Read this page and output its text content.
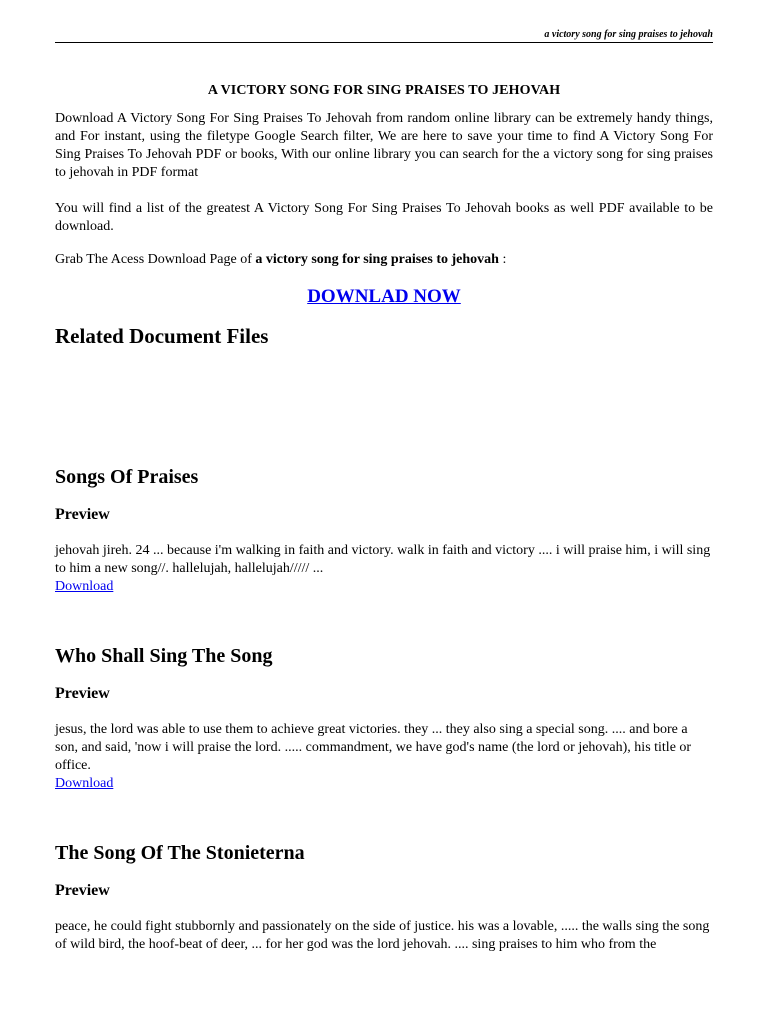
a victory song for sing praises to jehovah
A VICTORY SONG FOR SING PRAISES TO JEHOVAH
Download A Victory Song For Sing Praises To Jehovah from random online library can be extremely handy things, and For instant, using the filetype Google Search filter, We are here to save your time to find A Victory Song For Sing Praises To Jehovah PDF or books, With our online library you can search for the a victory song for sing praises to jehovah in PDF format
You will find a list of the greatest A Victory Song For Sing Praises To Jehovah books as well PDF available to be download.
Grab The Acess Download Page of a victory song for sing praises to jehovah :
DOWNLAD NOW
Related Document Files
Songs Of Praises
Preview
jehovah jireh. 24 ... because i'm walking in faith and victory. walk in faith and victory .... i will praise him, i will sing to him a new song//. hallelujah, hallelujah///// ...
Download
Who Shall Sing The Song
Preview
jesus, the lord was able to use them to achieve great victories. they ... they also sing a special song. .... and bore a son, and said, 'now i will praise the lord. ..... commandment, we have god's name (the lord or jehovah), his title or office.
Download
The Song Of The Stonieterna
Preview
peace, he could fight stubbornly and passionately on the side of justice. his was a lovable, ..... the walls sing the song of wild bird, the hoof-beat of deer, ... for her god was the lord jehovah. .... sing praises to him who from the
